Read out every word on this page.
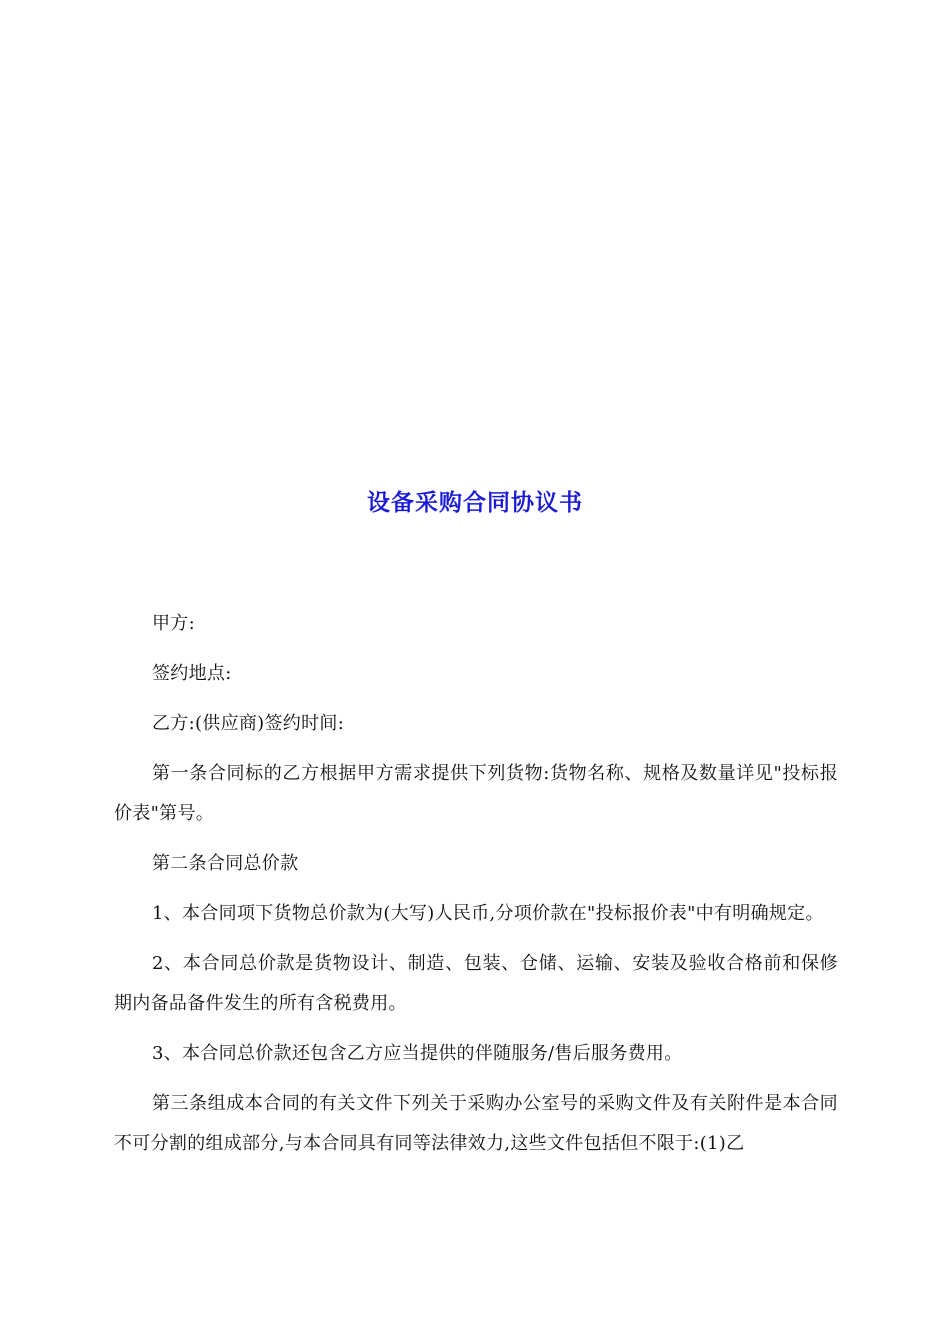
设备采购合同协议书

甲方:

签约地点:

乙方:(供应商)签约时间:

第一条合同标的乙方根据甲方需求提供下列货物:货物名称、规格及数量详见"投标报价表"第号。

第二条合同总价款

1、本合同项下货物总价款为(大写)人民币,分项价款在"投标报价表"中有明确规定。

2、本合同总价款是货物设计、制造、包装、仓储、运输、安装及验收合格前和保修期内备品备件发生的所有含税费用。

3、本合同总价款还包含乙方应当提供的伴随服务/售后服务费用。

第三条组成本合同的有关文件下列关于采购办公室号的采购文件及有关附件是本合同不可分割的组成部分,与本合同具有同等法律效力,这些文件包括但不限于:(1)乙
